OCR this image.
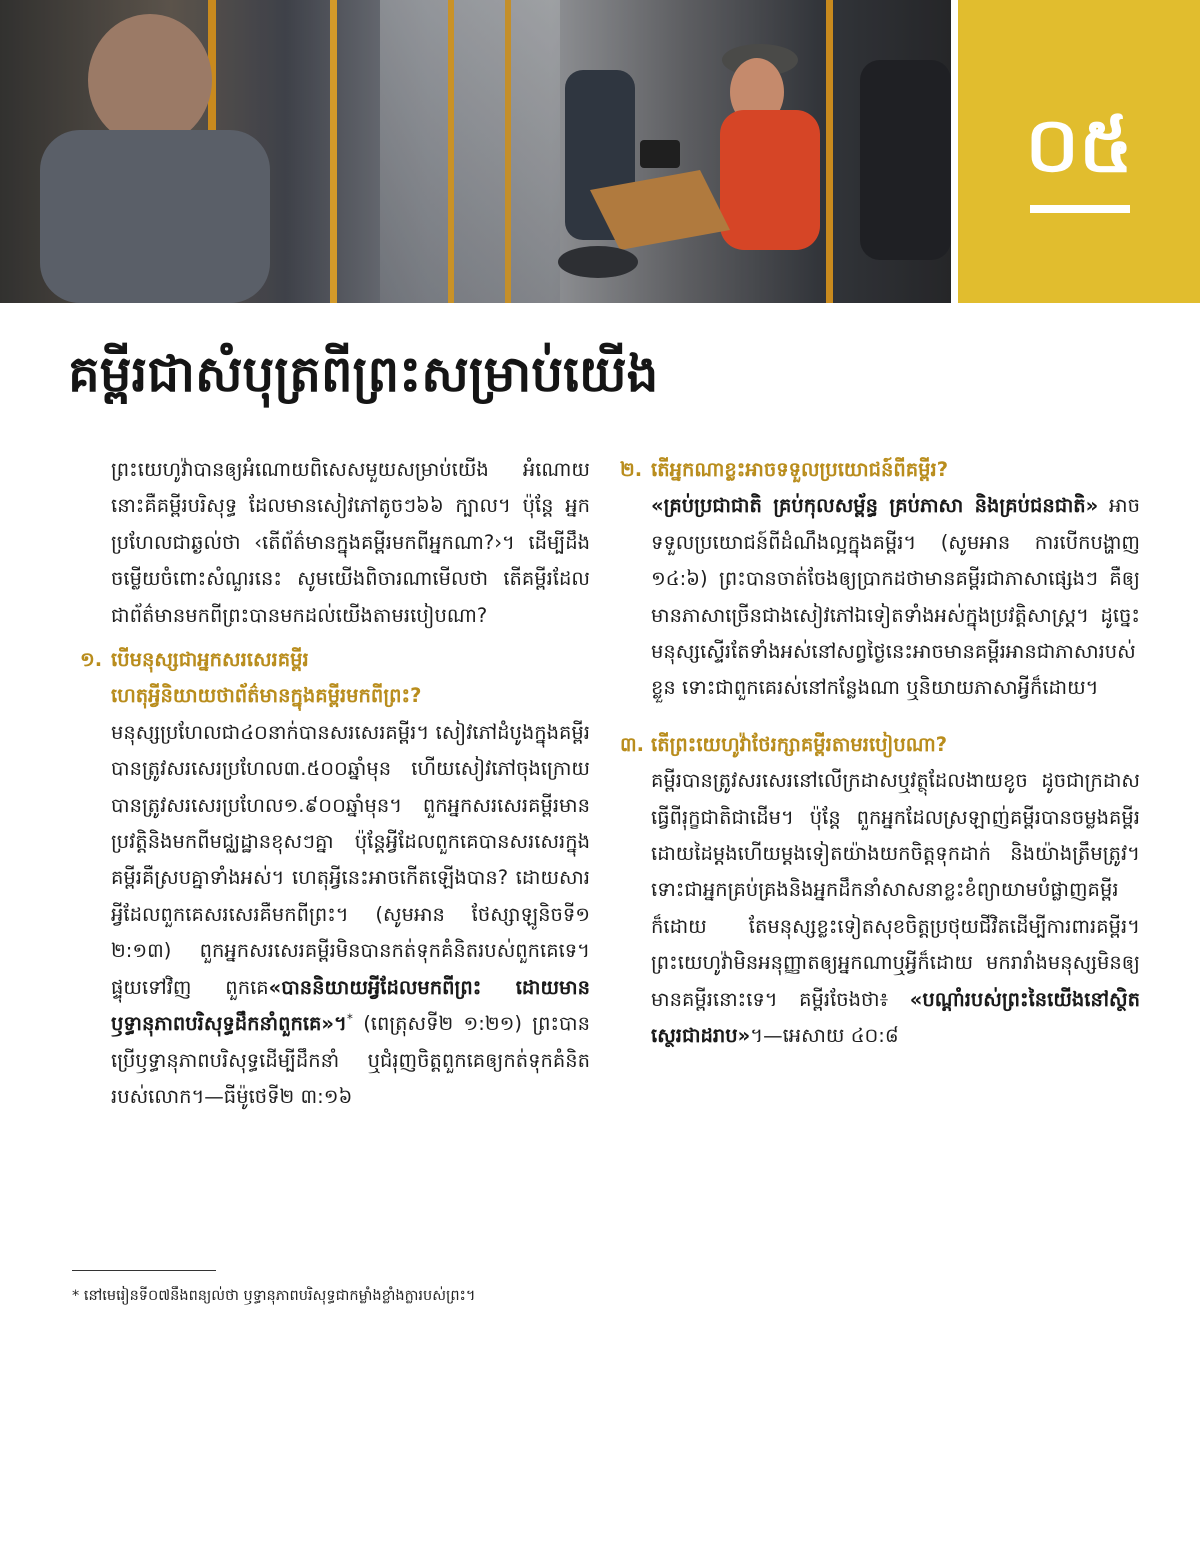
០៥
គម្ពីរជាសំបុត្រពីព្រះសម្រាប់យើង

ព្រះយេហូវ៉ាបានឲ្យអំណោយពិសេសមួយសម្រាប់យើង អំណោយនោះគឺគម្ពីរបរិសុទ្ធ ដែលមានសៀវភៅតូចៗ៦៦ ក្បាល។ ប៉ុន្តែ អ្នកប្រហែលជាឆ្ងល់ថា ‹តើព័ត៌មានក្នុងគម្ពីរមកពីអ្នកណា?›។ ដើម្បីដឹងចម្លើយចំពោះសំណួរនេះ សូមយើងពិចារណាមើលថា តើគម្ពីរដែលជាព័ត៌មានមកពីព្រះបានមកដល់យើងតាមរបៀបណា?

១. បើមនុស្សជាអ្នកសរសេរគម្ពីរ
ហេតុអ្វីនិយាយថាព័ត៌មានក្នុងគម្ពីរមកពីព្រះ?

មនុស្សប្រហែលជា៤០នាក់បានសរសេរគម្ពីរ។ សៀវភៅដំបូងក្នុងគម្ពីរបានត្រូវសរសេរប្រហែល៣.៥០០ឆ្នាំមុន ហើយសៀវភៅចុងក្រោយបានត្រូវសរសេរប្រហែល១.៩០០ឆ្នាំមុន។ ពួកអ្នកសរសេរគម្ពីរមានប្រវត្តិនិងមកពីមជ្ឈដ្ឋានខុសៗគ្នា ប៉ុន្តែអ្វីដែលពួកគេបានសរសេរក្នុងគម្ពីរគឺស្របគ្នាទាំងអស់។ ហេតុអ្វីនេះអាចកើតឡើងបាន? ដោយសារអ្វីដែលពួកគេសរសេរគឺមកពីព្រះ។ (សូមអាន ថែស្សាឡូនិចទី១ ២:១៣) ពួកអ្នកសរសេរគម្ពីរមិនបានកត់ទុកគំនិតរបស់ពួកគេទេ។ ផ្ទុយទៅវិញ ពួកគេ«បាននិយាយអ្វីដែលមកពីព្រះ ដោយមានឫទ្ធានុភាពបរិសុទ្ធដឹកនាំពួកគេ»។* (ពេត្រុសទី២ ១:២១) ព្រះបានប្រើឫទ្ធានុភាពបរិសុទ្ធដើម្បីដឹកនាំ ឬជំរុញចិត្តពួកគេឲ្យកត់ទុកគំនិតរបស់លោក។—ធីម៉ូថេទី២ ៣:១៦

២. តើអ្នកណាខ្លះអាចទទួលប្រយោជន៍ពីគម្ពីរ?

«គ្រប់ប្រជាជាតិ គ្រប់កុលសម្ព័ន្ធ គ្រប់ភាសា និងគ្រប់ជនជាតិ» អាចទទួលប្រយោជន៍ពីដំណឹងល្អក្នុងគម្ពីរ។ (សូមអាន ការបើកបង្ហាញ ១៤:៦) ព្រះបានចាត់ចែងឲ្យប្រាកដថាមានគម្ពីរជាភាសាផ្សេងៗ គឺឲ្យមានភាសាច្រើនជាងសៀវភៅឯទៀតទាំងអស់ក្នុងប្រវត្តិសាស្ត្រ។ ដូច្នេះ មនុស្សស្ទើរតែទាំងអស់នៅសព្វថ្ងៃនេះអាចមានគម្ពីរអានជាភាសារបស់ខ្លួន ទោះជាពួកគេរស់នៅកន្លែងណា ឬនិយាយភាសាអ្វីក៏ដោយ។

៣. តើព្រះយេហូវ៉ាថែរក្សាគម្ពីរតាមរបៀបណា?

គម្ពីរបានត្រូវសរសេរនៅលើក្រដាសឬវត្ថុដែលងាយខូច ដូចជាក្រដាសធ្វើពីរុក្ខជាតិជាដើម។ ប៉ុន្តែ ពួកអ្នកដែលស្រឡាញ់គម្ពីរបានចម្លងគម្ពីរដោយដៃម្ដងហើយម្ដងទៀតយ៉ាងយកចិត្តទុកដាក់ និងយ៉ាងត្រឹមត្រូវ។ ទោះជាអ្នកគ្រប់គ្រងនិងអ្នកដឹកនាំសាសនាខ្លះខំព្យាយាមបំផ្លាញគម្ពីរក៏ដោយ តែមនុស្សខ្លះទៀតសុខចិត្តប្រថុយជីវិតដើម្បីការពារគម្ពីរ។ ព្រះយេហូវ៉ាមិនអនុញ្ញាតឲ្យអ្នកណាឬអ្វីក៏ដោយ មករារាំងមនុស្សមិនឲ្យមានគម្ពីរនោះទេ។ គម្ពីរចែងថា៖ «បណ្ដាំរបស់ព្រះនៃយើងនៅស្ថិតស្ថេរជាដរាប»។—អេសាយ ៤០:៨

* នៅមេរៀនទី០៧នឹងពន្យល់ថា ឫទ្ធានុភាពបរិសុទ្ធជាកម្លាំងខ្លាំងក្លារបស់ព្រះ។
